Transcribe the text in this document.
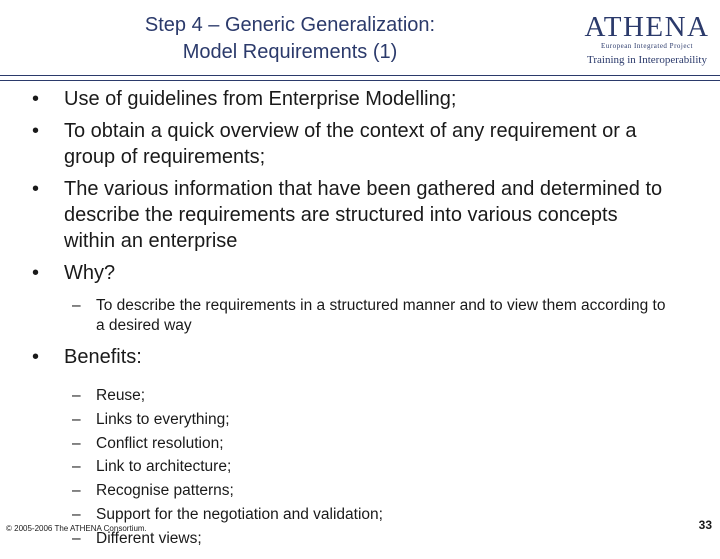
Step 4 – Generic Generalization:
Model Requirements (1)
ATHENA
European Integrated Project
Training in Interoperability
• Use of guidelines from Enterprise Modelling;
• To obtain a quick overview of the context of any requirement or a group of requirements;
• The various information that have been gathered and determined to describe the requirements are structured into various concepts within an enterprise
• Why?
– To describe the requirements in a structured manner and to view them according to a desired way
• Benefits:
– Reuse;
– Links to everything;
– Conflict resolution;
– Link to architecture;
– Recognise patterns;
– Support for the negotiation and validation;
– Different views;
© 2005-2006 The ATHENA Consortium.	33
